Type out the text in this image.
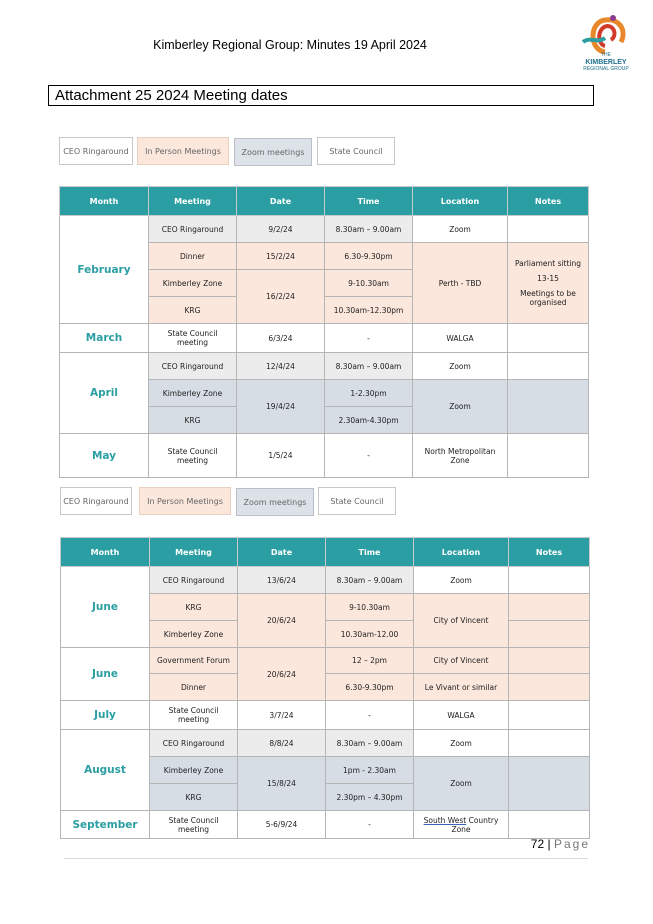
Kimberley Regional Group: Minutes 19 April 2024
THE
KIMBERLEY
REGIONAL GROUP
Attachment 25 2024 Meeting dates
CEO Ringaround	In Person Meetings	Zoom meetings	State Council
Month	Meeting	Date	Time	Location	Notes
February	CEO Ringaround	9/2/24	8.30am – 9.00am	Zoom	
	Dinner	15/2/24	6.30-9.30pm	Perth - TBD	Parliament sitting
13-15
Meetings to be organised

	Kimberley Zone	16/2/24	9-10.30am		
	KRG		10.30am-12.30pm		
March	State Council meeting	6/3/24	-	WALGA	
April	CEO Ringaround	12/4/24	8.30am – 9.00am	Zoom	
	Kimberley Zone	19/4/24	1-2.30pm	Zoom	
	KRG		2.30am-4.30pm		
May	State Council meeting	1/5/24	-	North Metropolitan Zone	
CEO Ringaround	In Person Meetings	Zoom meetings	State Council
Month	Meeting	Date	Time	Location	Notes
June	CEO Ringaround	13/6/24	8.30am – 9.00am	Zoom	
	KRG	20/6/24	9-10.30am	City of Vincent	
	Kimberley Zone		10.30am-12.00		
June	Government Forum	20/6/24	12 – 2pm	City of Vincent	
	Dinner		6.30-9.30pm	Le Vivant or similar	
July	State Council meeting	3/7/24	-	WALGA	
August	CEO Ringaround	8/8/24	8.30am – 9.00am	Zoom	
	Kimberley Zone	15/8/24	1pm - 2.30am	Zoom	
	KRG		2.30pm – 4.30pm		
September	State Council meeting	5-6/9/24	-	South West Country Zone	
72 | Page
